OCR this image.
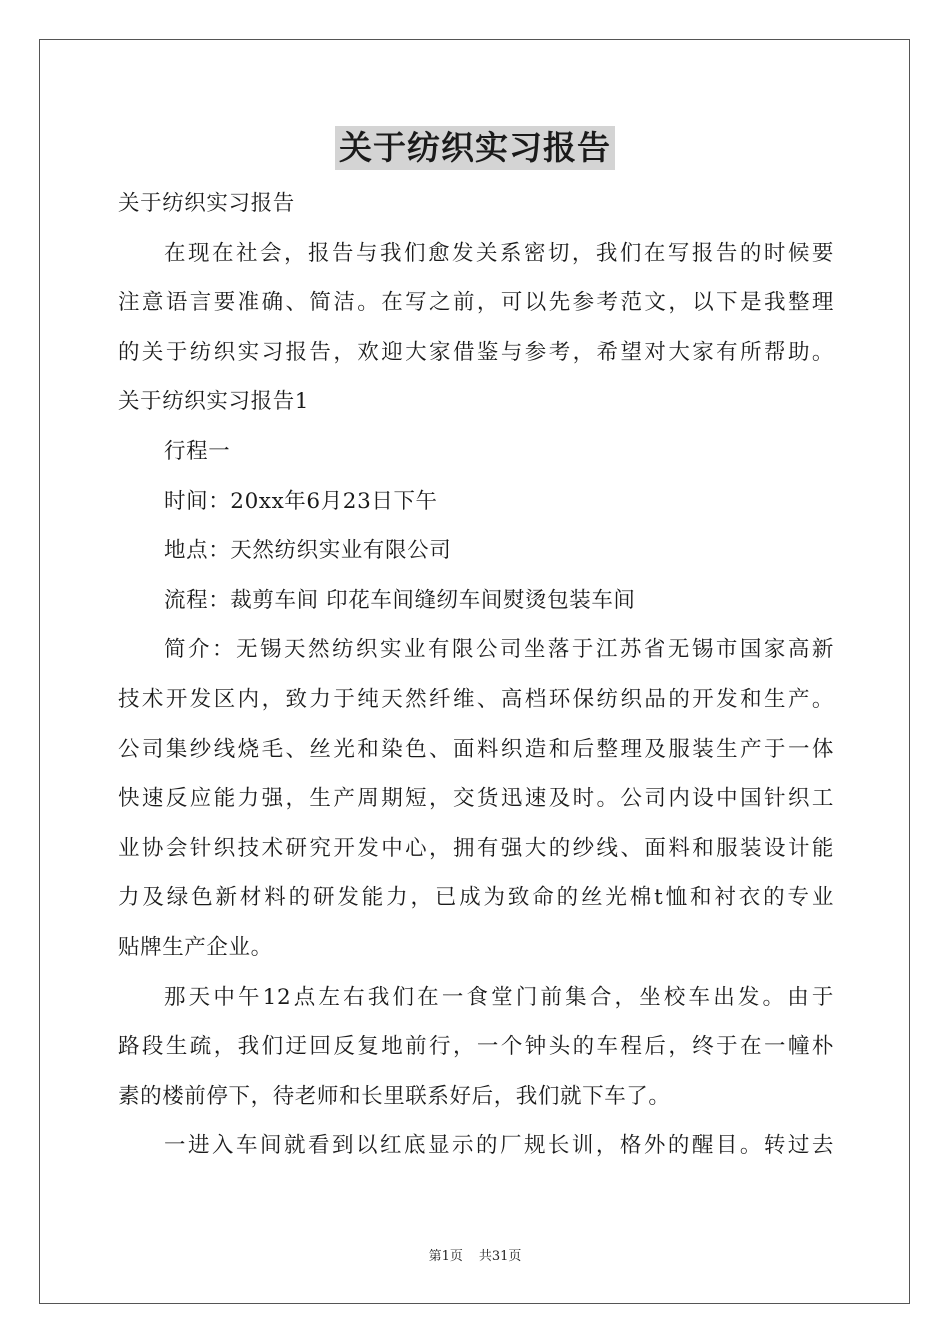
关于纺织实习报告
关于纺织实习报告
在现在社会，报告与我们愈发关系密切，我们在写报告的时候要
注意语言要准确、简洁。在写之前，可以先参考范文，以下是我整理
的关于纺织实习报告，欢迎大家借鉴与参考，希望对大家有所帮助。
关于纺织实习报告1
行程一
时间：20xx年6月23日下午
地点：天然纺织实业有限公司
流程：裁剪车间 印花车间缝纫车间熨烫包装车间
简介：无锡天然纺织实业有限公司坐落于江苏省无锡市国家高新
技术开发区内，致力于纯天然纤维、高档环保纺织品的开发和生产。
公司集纱线烧毛、丝光和染色、面料织造和后整理及服装生产于一体
快速反应能力强，生产周期短，交货迅速及时。公司内设中国针织工
业协会针织技术研究开发中心，拥有强大的纱线、面料和服装设计能
力及绿色新材料的研发能力，已成为致命的丝光棉t恤和衬衣的专业
贴牌生产企业。
那天中午12点左右我们在一食堂门前集合，坐校车出发。由于
路段生疏，我们迂回反复地前行，一个钟头的车程后，终于在一幢朴
素的楼前停下，待老师和长里联系好后，我们就下车了。
一进入车间就看到以红底显示的厂规长训，格外的醒目。转过去
第1页 共31页
